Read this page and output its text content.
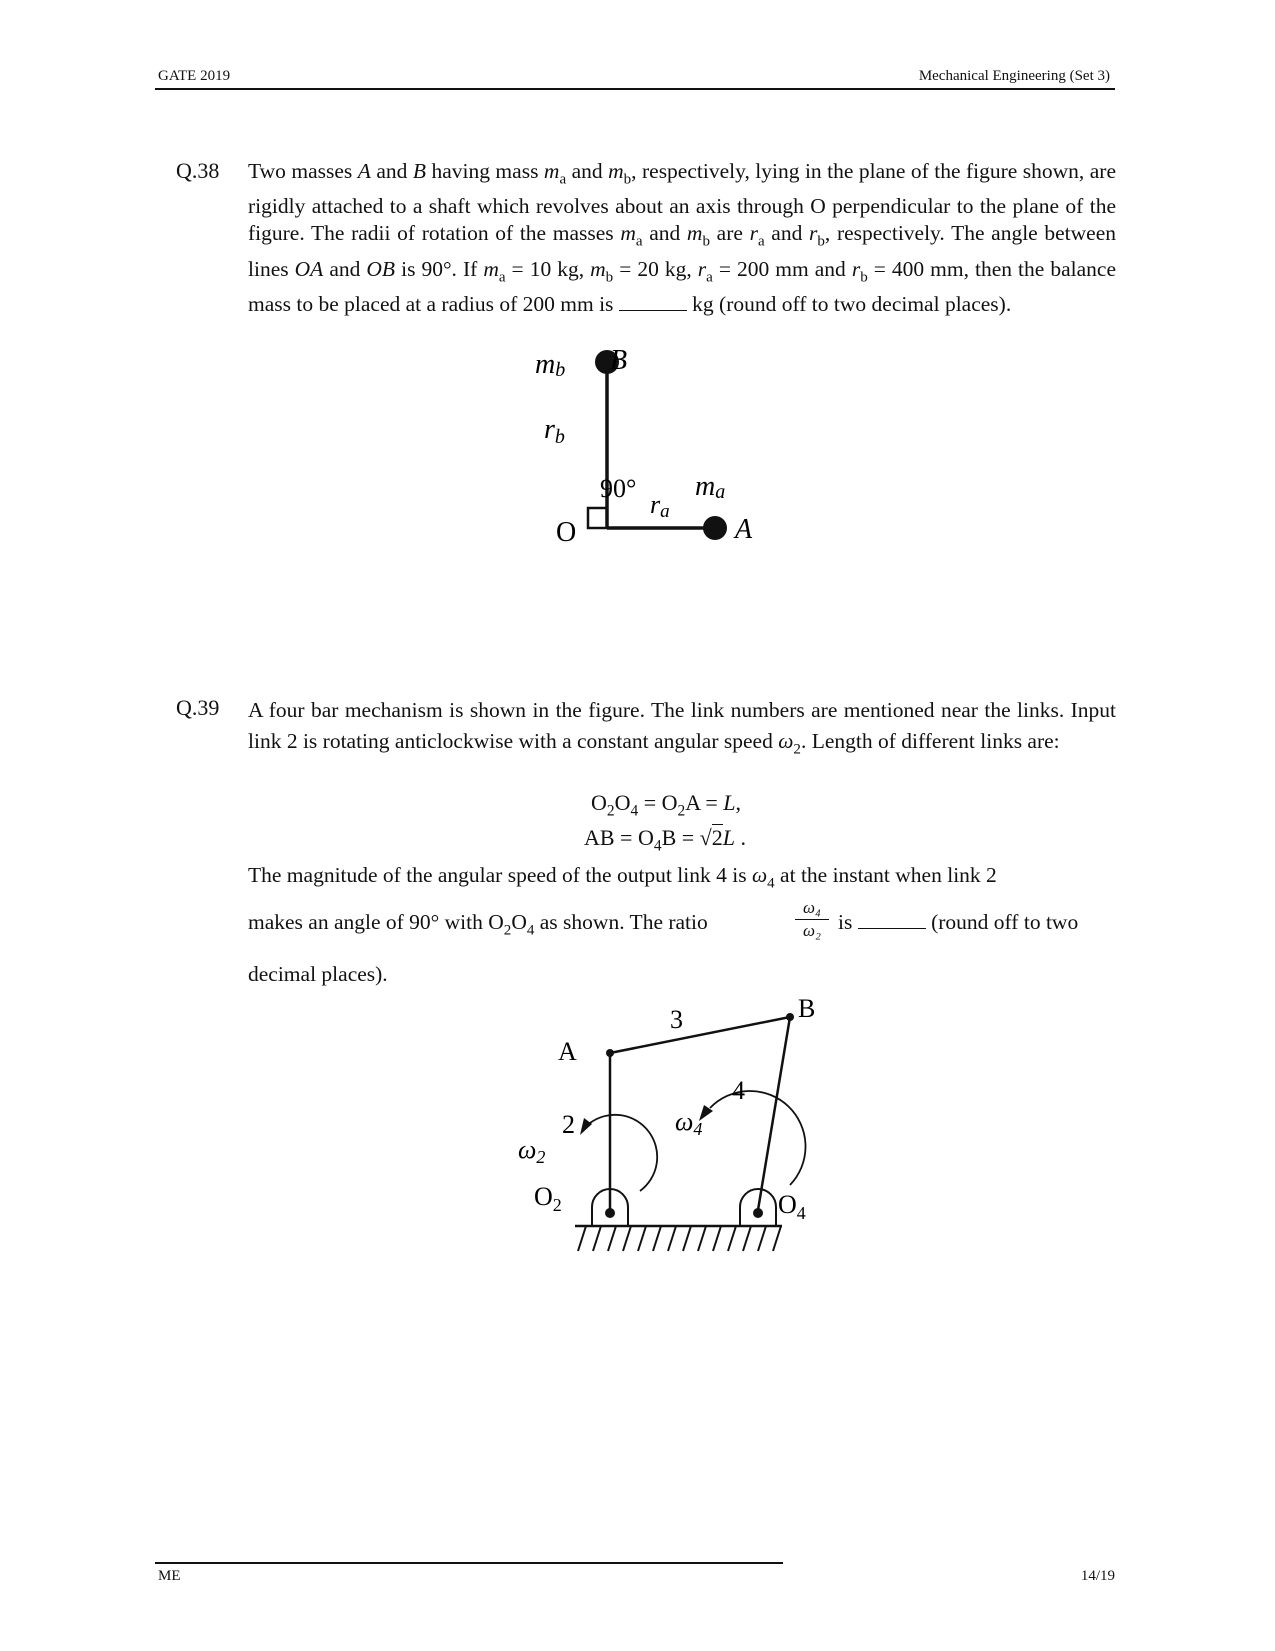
GATE 2019	Mechanical Engineering (Set 3)
Q.38 Two masses A and B having mass $m_a$ and $m_b$, respectively, lying in the plane of the figure shown, are rigidly attached to a shaft which revolves about an axis through O perpendicular to the plane of the figure. The radii of rotation of the masses $m_a$ and $m_b$ are $r_a$ and $r_b$, respectively. The angle between lines OA and OB is 90°. If $m_a = 10$ kg, $m_b = 20$ kg, $r_a = 200$ mm and $r_b = 400$ mm, then the balance mass to be placed at a radius of 200 mm is	kg (round off to two decimal places).
mb B
rb
90°
ra
ma
O	A
Q.39 A four bar mechanism is shown in the figure. The link numbers are mentioned near the links. Input link 2 is rotating anticlockwise with a constant angular speed $\omega_2$. Length of different links are:
$O_2O_4 = O_2A = L$,
AB = $O_4B = √2L$ .
The magnitude of the angular speed of the output link 4 is $\omega_4$ at the instant when link 2
makes an angle of 90° with $O_2O_4$ as shown. The ratio
ω₄
ω₂ is	(round off to two
decimal places).
A
B
3
4
2
ω2
ω4
$O_2$	$O_4$
ME	14/19
